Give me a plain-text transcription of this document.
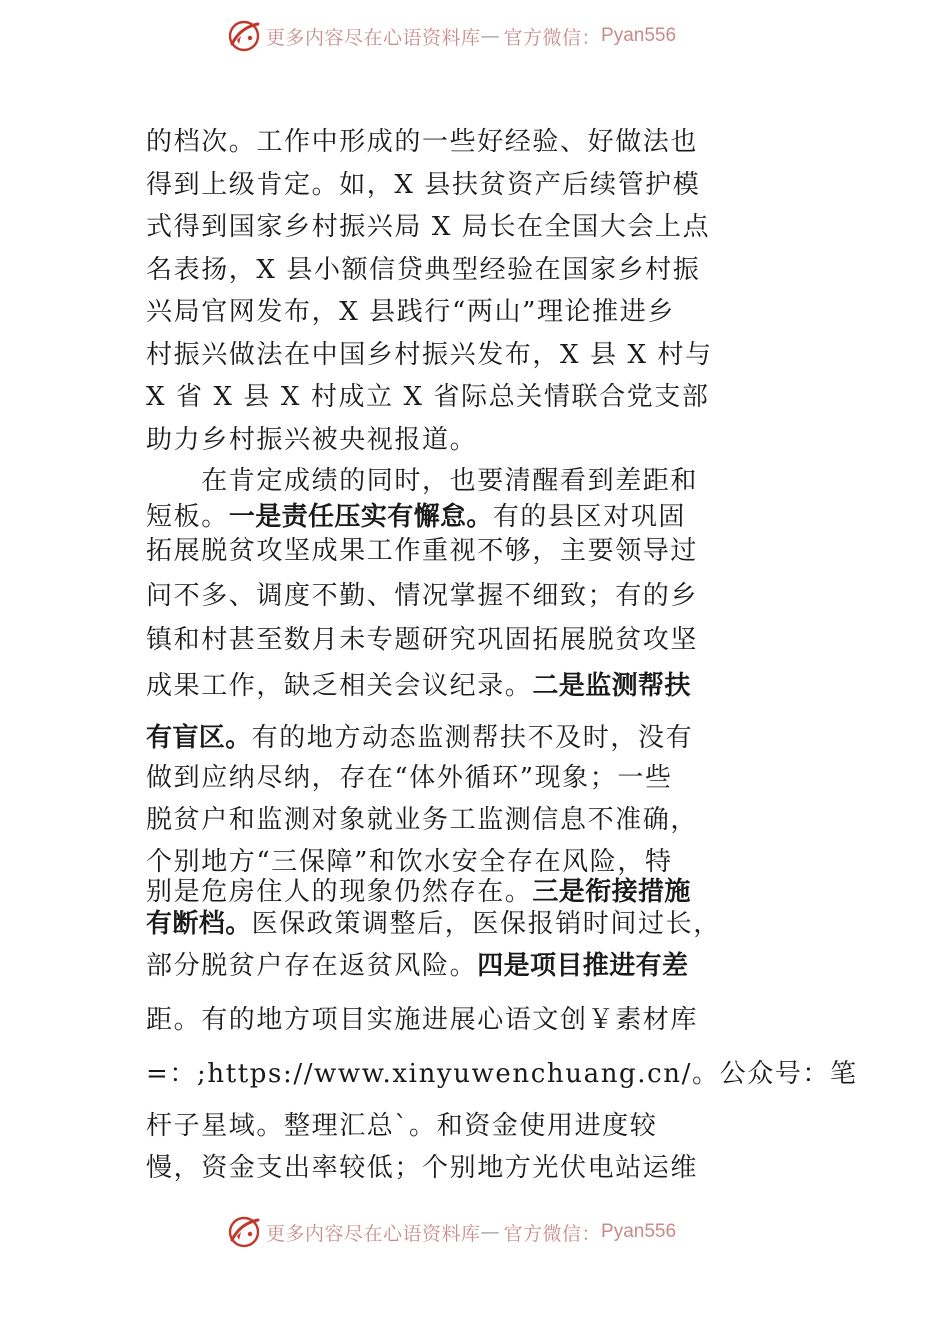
更多内容尽在心语资料库 — 官方微信： Pyan556
的档次。工作中形成的一些好经验、好做法也
得到上级肯定。如，X 县扶贫资产后续管护模
式得到国家乡村振兴局 X 局长在全国大会上点
名表扬，X 县小额信贷典型经验在国家乡村振
兴局官网发布，X 县践行“两山”理论推进乡
村振兴做法在中国乡村振兴发布，X 县 X 村与
X 省 X 县 X 村成立 X 省际总关情联合党支部
助力乡村振兴被央视报道。
　　在肯定成绩的同时，也要清醒看到差距和
短板。一是责任压实有懈怠。有的县区对巩固
拓展脱贫攻坚成果工作重视不够，主要领导过
问不多、调度不勤、情况掌握不细致；有的乡
镇和村甚至数月未专题研究巩固拓展脱贫攻坚
成果工作，缺乏相关会议纪录。二是监测帮扶
有盲区。有的地方动态监测帮扶不及时，没有
做到应纳尽纳，存在“体外循环”现象；一些
脱贫户和监测对象就业务工监测信息不准确，
个别地方“三保障”和饮水安全存在风险，特
别是危房住人的现象仍然存在。三是衔接措施
有断档。医保政策调整后，医保报销时间过长，
部分脱贫户存在返贫风险。四是项目推进有差
距。有的地方项目实施进展心语文创￥素材库
=：;https://www.xinyuwenchuang.cn/。公众号：笔
杆子星域。整理汇总`。和资金使用进度较
慢，资金支出率较低；个别地方光伏电站运维
更多内容尽在心语资料库 — 官方微信： Pyan556
